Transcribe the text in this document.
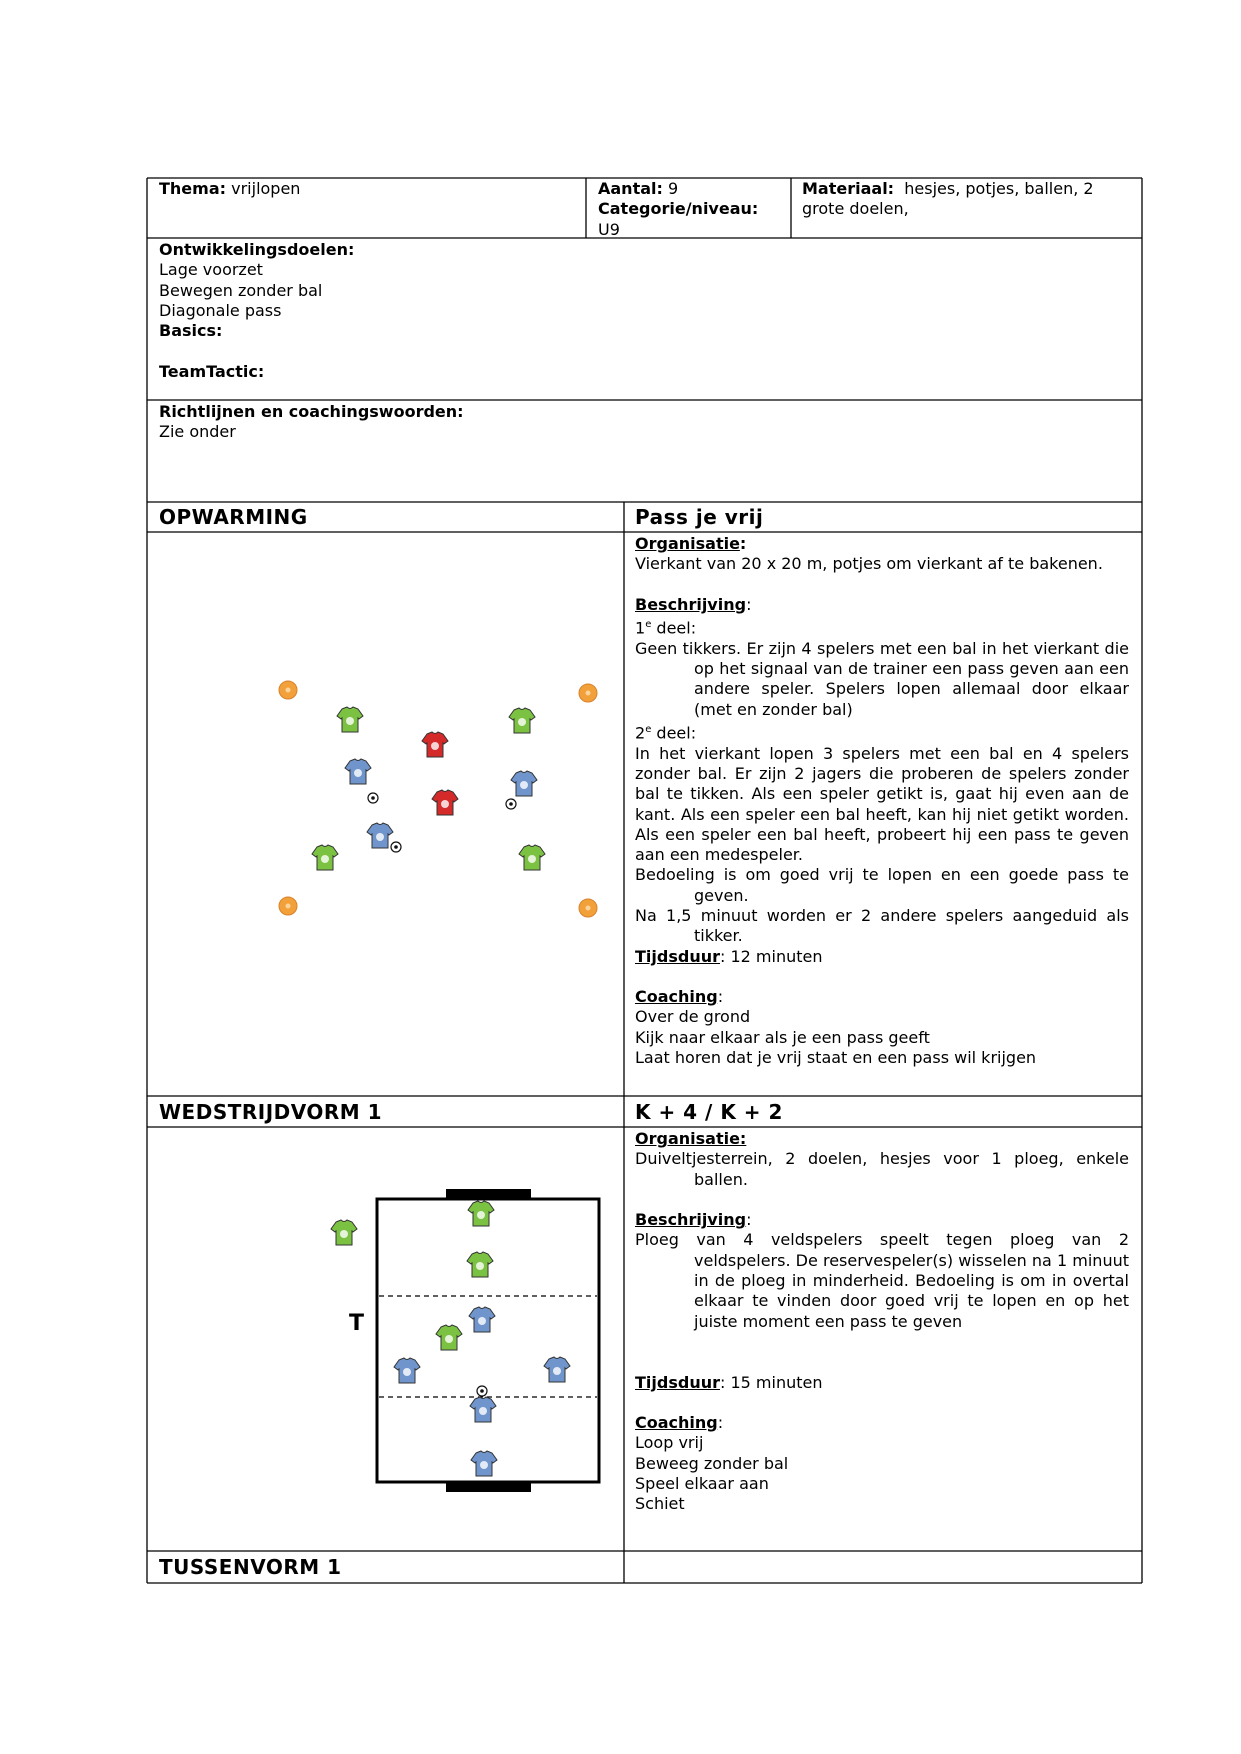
Thema: vrijlopen	Aantal: 9

Categorie/niveau:

U9

Materiaal: hesjes, potjes, ballen, 2 grote doelen,

Ontwikkelingsdoelen:

Lage voorzet

Bewegen zonder bal

Diagonale pass

Basics:

TeamTactic:

Richtlijnen en coachingswoorden:

Zie onder

OPWARMING	Pass je vrij

Organisatie:

Vierkant van 20 x 20 m, potjes om vierkant af te bakenen.

Beschrijving:

1e deel:

Geen tikkers. Er zijn 4 spelers met een bal in het vierkant die op het signaal van de trainer een pass geven aan een andere speler. Spelers lopen allemaal door elkaar (met en zonder bal)

2e deel:

In het vierkant lopen 3 spelers met een bal en 4 spelers zonder bal. Er zijn 2 jagers die proberen de spelers zonder bal te tikken. Als een speler getikt is, gaat hij even aan de kant. Als een speler een bal heeft, kan hij niet getikt worden. Als een speler een bal heeft, probeert hij een pass te geven aan een medespeler.

Bedoeling is om goed vrij te lopen en een goede pass te geven.

Na 1,5 minuut worden er 2 andere spelers aangeduid als tikker.

Tijdsduur: 12 minuten

Coaching:

Over de grond

Kijk naar elkaar als je een pass geeft

Laat horen dat je vrij staat en een pass wil krijgen

WEDSTRIJDVORM 1	K + 4 / K + 2

Organisatie:

Duiveltjesterrein, 2 doelen, hesjes voor 1 ploeg, enkele ballen.

Beschrijving:

Ploeg van 4 veldspelers speelt tegen ploeg van 2 veldspelers. De reservespeler(s) wisselen na 1 minuut in de ploeg in minderheid. Bedoeling is om in overtal elkaar te vinden door goed vrij te lopen en op het juiste moment een pass te geven

Tijdsduur: 15 minuten

Coaching:

Loop vrij

Beweeg zonder bal

Speel elkaar aan

Schiet

T
TUSSENVORM 1
